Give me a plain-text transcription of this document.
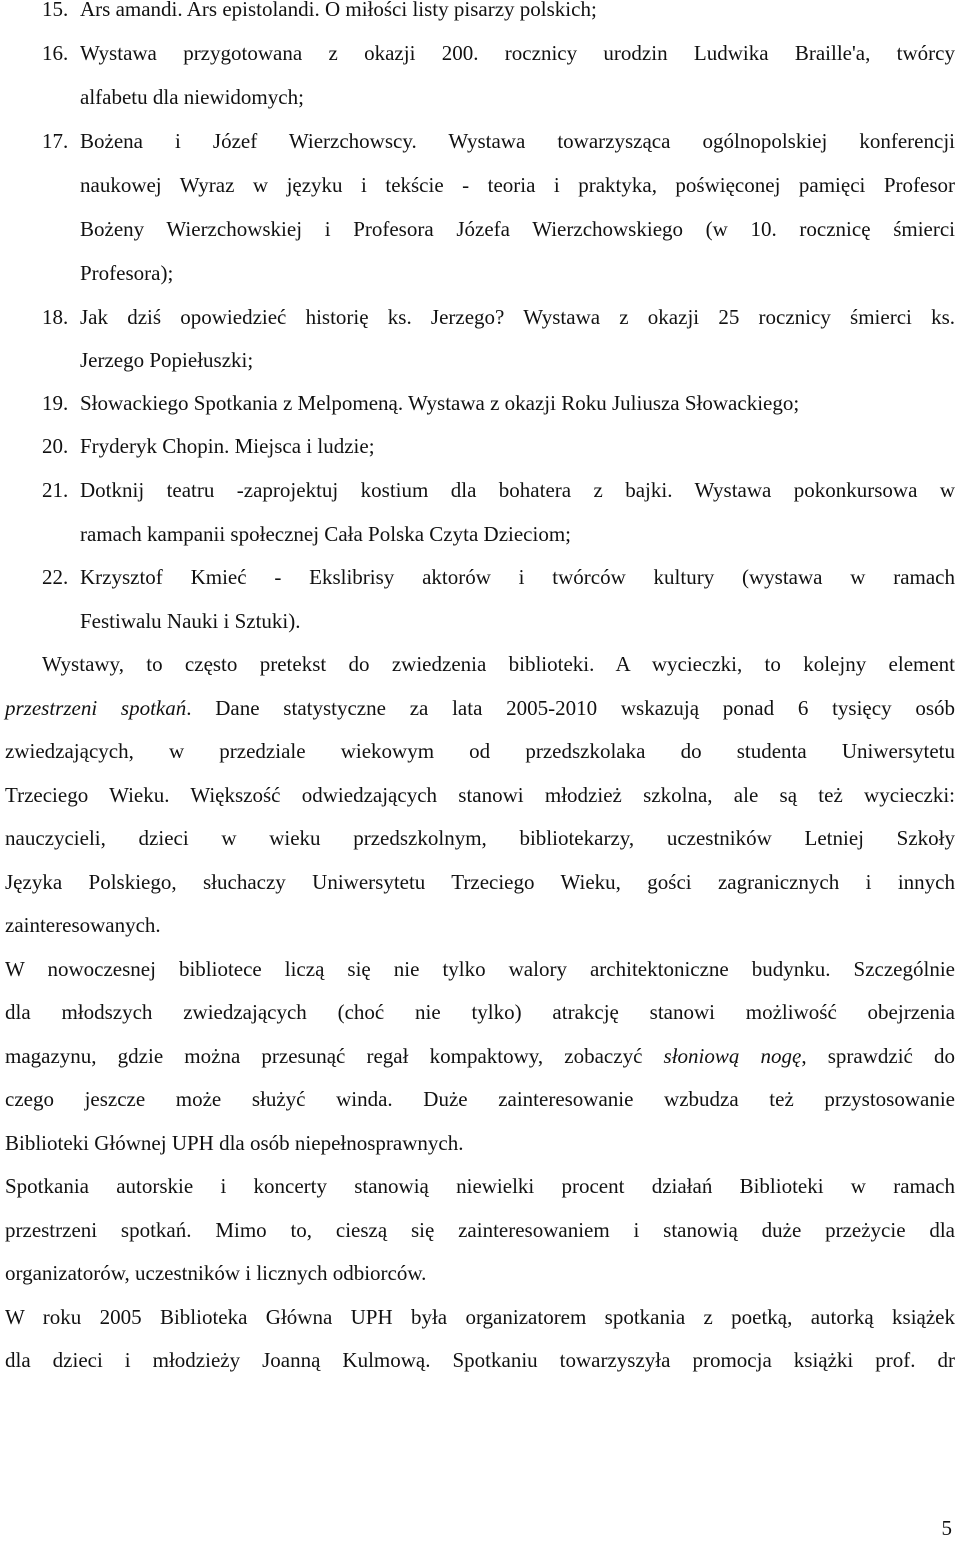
15. Ars amandi. Ars epistolandi. O miłości listy pisarzy polskich;
16. Wystawa przygotowana z okazji 200. rocznicy urodzin Ludwika Braille'a, twórcy
alfabetu dla niewidomych;
17. Bożena i Józef Wierzchowscy. Wystawa towarzysząca ogólnopolskiej konferencji
naukowej Wyraz w języku i tekście - teoria i praktyka, poświęconej pamięci Profesor
Bożeny Wierzchowskiej i Profesora Józefa Wierzchowskiego (w 10. rocznicę śmierci
Profesora);
18. Jak dziś opowiedzieć historię ks. Jerzego? Wystawa z okazji 25 rocznicy śmierci ks.
Jerzego Popiełuszki;
19. Słowackiego Spotkania z Melpomeną. Wystawa z okazji Roku Juliusza Słowackiego;
20. Fryderyk Chopin. Miejsca i ludzie;
21. Dotknij teatru -zaprojektuj kostium dla bohatera z bajki. Wystawa pokonkursowa w
ramach kampanii społecznej Cała Polska Czyta Dzieciom;
22. Krzysztof Kmieć - Ekslibrisy aktorów i twórców kultury (wystawa w ramach
Festiwalu Nauki i Sztuki).
Wystawy, to często pretekst do zwiedzenia biblioteki. A wycieczki, to kolejny element
przestrzeni spotkań. Dane statystyczne za lata 2005-2010 wskazują ponad 6 tysięcy osób
zwiedzających, w przedziale wiekowym od przedszkolaka do studenta Uniwersytetu
Trzeciego Wieku. Większość odwiedzających stanowi młodzież szkolna, ale są też wycieczki:
nauczycieli, dzieci w wieku przedszkolnym, bibliotekarzy, uczestników Letniej Szkoły
Języka Polskiego, słuchaczy Uniwersytetu Trzeciego Wieku, gości zagranicznych i innych
zainteresowanych.
W nowoczesnej bibliotece liczą się nie tylko walory architektoniczne budynku. Szczególnie
dla młodszych zwiedzających (choć nie tylko) atrakcję stanowi możliwość obejrzenia
magazynu, gdzie można przesunąć regał kompaktowy, zobaczyć słoniową nogę, sprawdzić do
czego jeszcze może służyć winda. Duże zainteresowanie wzbudza też przystosowanie
Biblioteki Głównej UPH dla osób niepełnosprawnych.
Spotkania autorskie i koncerty stanowią niewielki procent działań Biblioteki w ramach
przestrzeni spotkań. Mimo to, cieszą się zainteresowaniem i stanowią duże przeżycie dla
organizatorów, uczestników i licznych odbiorców.
W roku 2005 Biblioteka Główna UPH była organizatorem spotkania z poetką, autorką książek
dla dzieci i młodzieży Joanną Kulmową. Spotkaniu towarzyszyła promocja książki prof. dr
5
